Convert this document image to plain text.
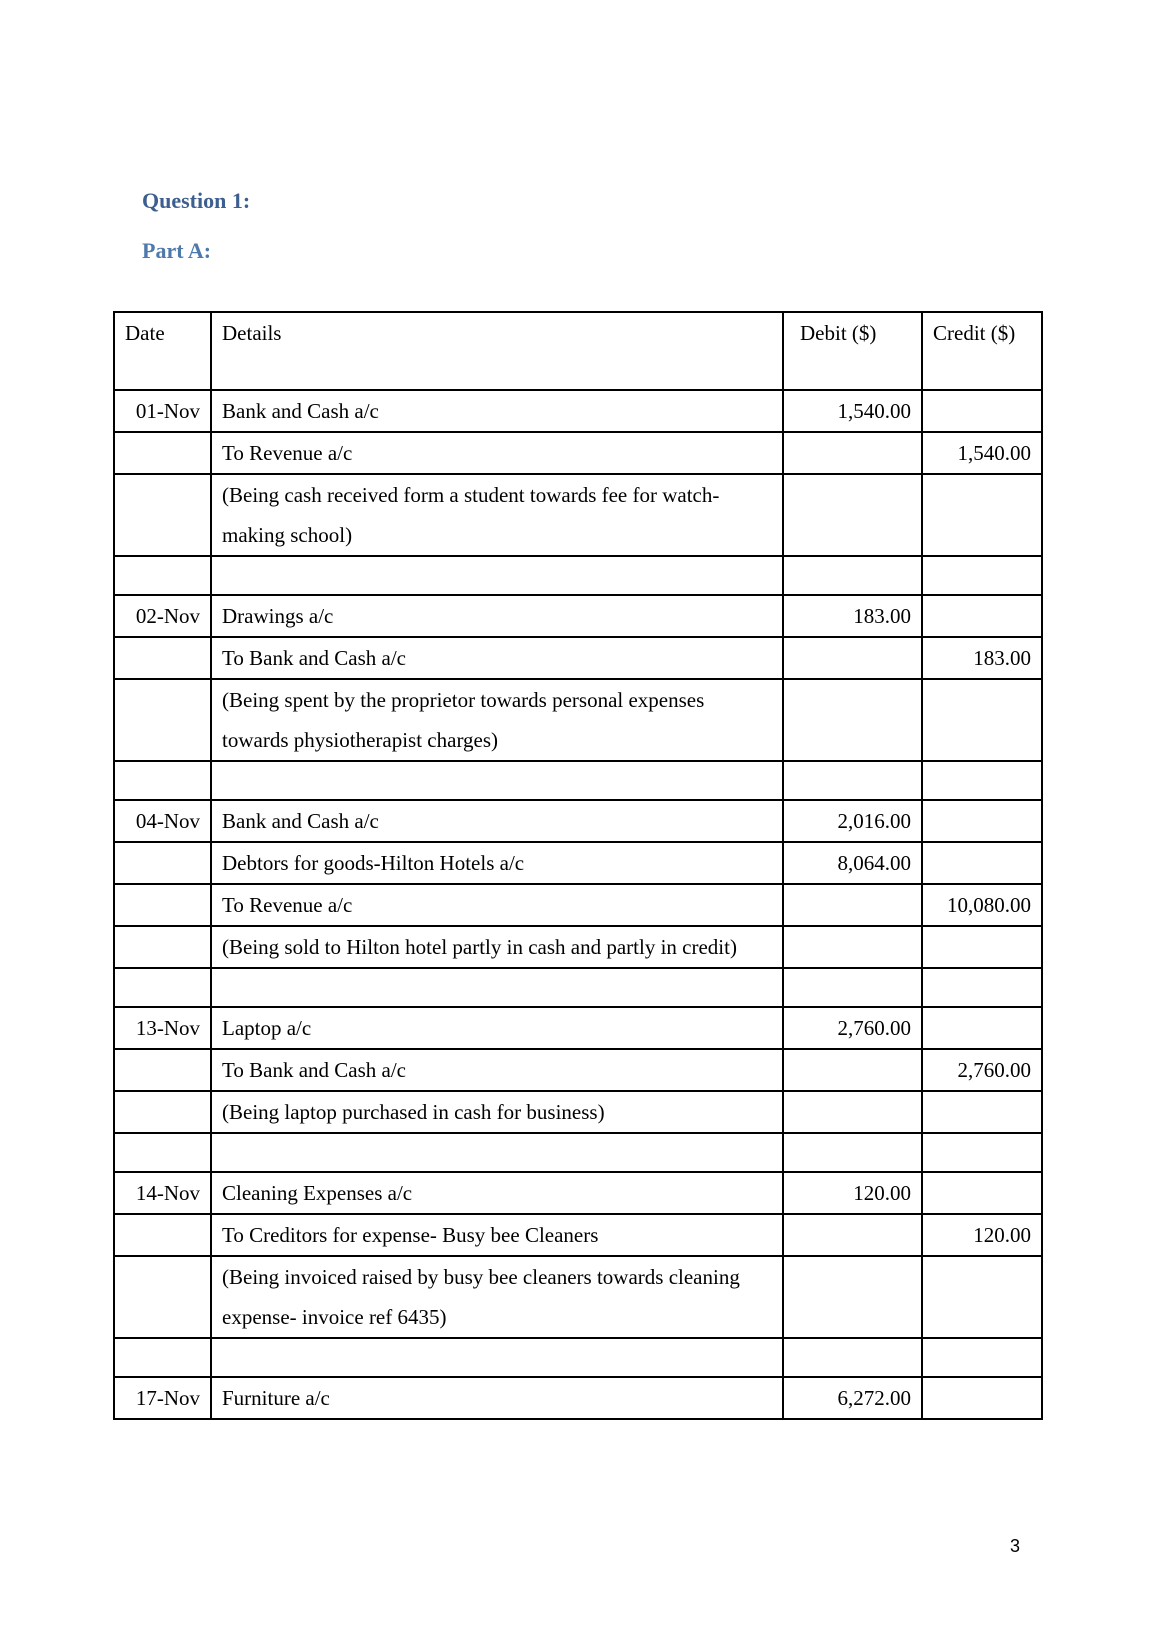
Question 1:
Part A:
Date	Details	Debit ($)	Credit ($)
01-Nov	Bank and Cash a/c	1,540.00	
	To Revenue a/c		1,540.00
	(Being cash received form a student towards fee for watch-making school)		

02-Nov	Drawings a/c	183.00	
	To Bank and Cash a/c		183.00
	(Being spent by the proprietor towards personal expenses towards physiotherapist charges)		

04-Nov	Bank and Cash a/c	2,016.00	
	Debtors for goods-Hilton Hotels a/c	8,064.00	
	To Revenue a/c		10,080.00
	(Being sold to Hilton hotel partly in cash and partly in credit)		

13-Nov	Laptop a/c	2,760.00	
	To Bank and Cash a/c		2,760.00
	(Being laptop purchased in cash for business)		

14-Nov	Cleaning Expenses a/c	120.00	
	To Creditors for expense- Busy bee Cleaners		120.00
	(Being invoiced raised by busy bee cleaners towards cleaning expense- invoice ref 6435)		

17-Nov	Furniture a/c	6,272.00	
3
